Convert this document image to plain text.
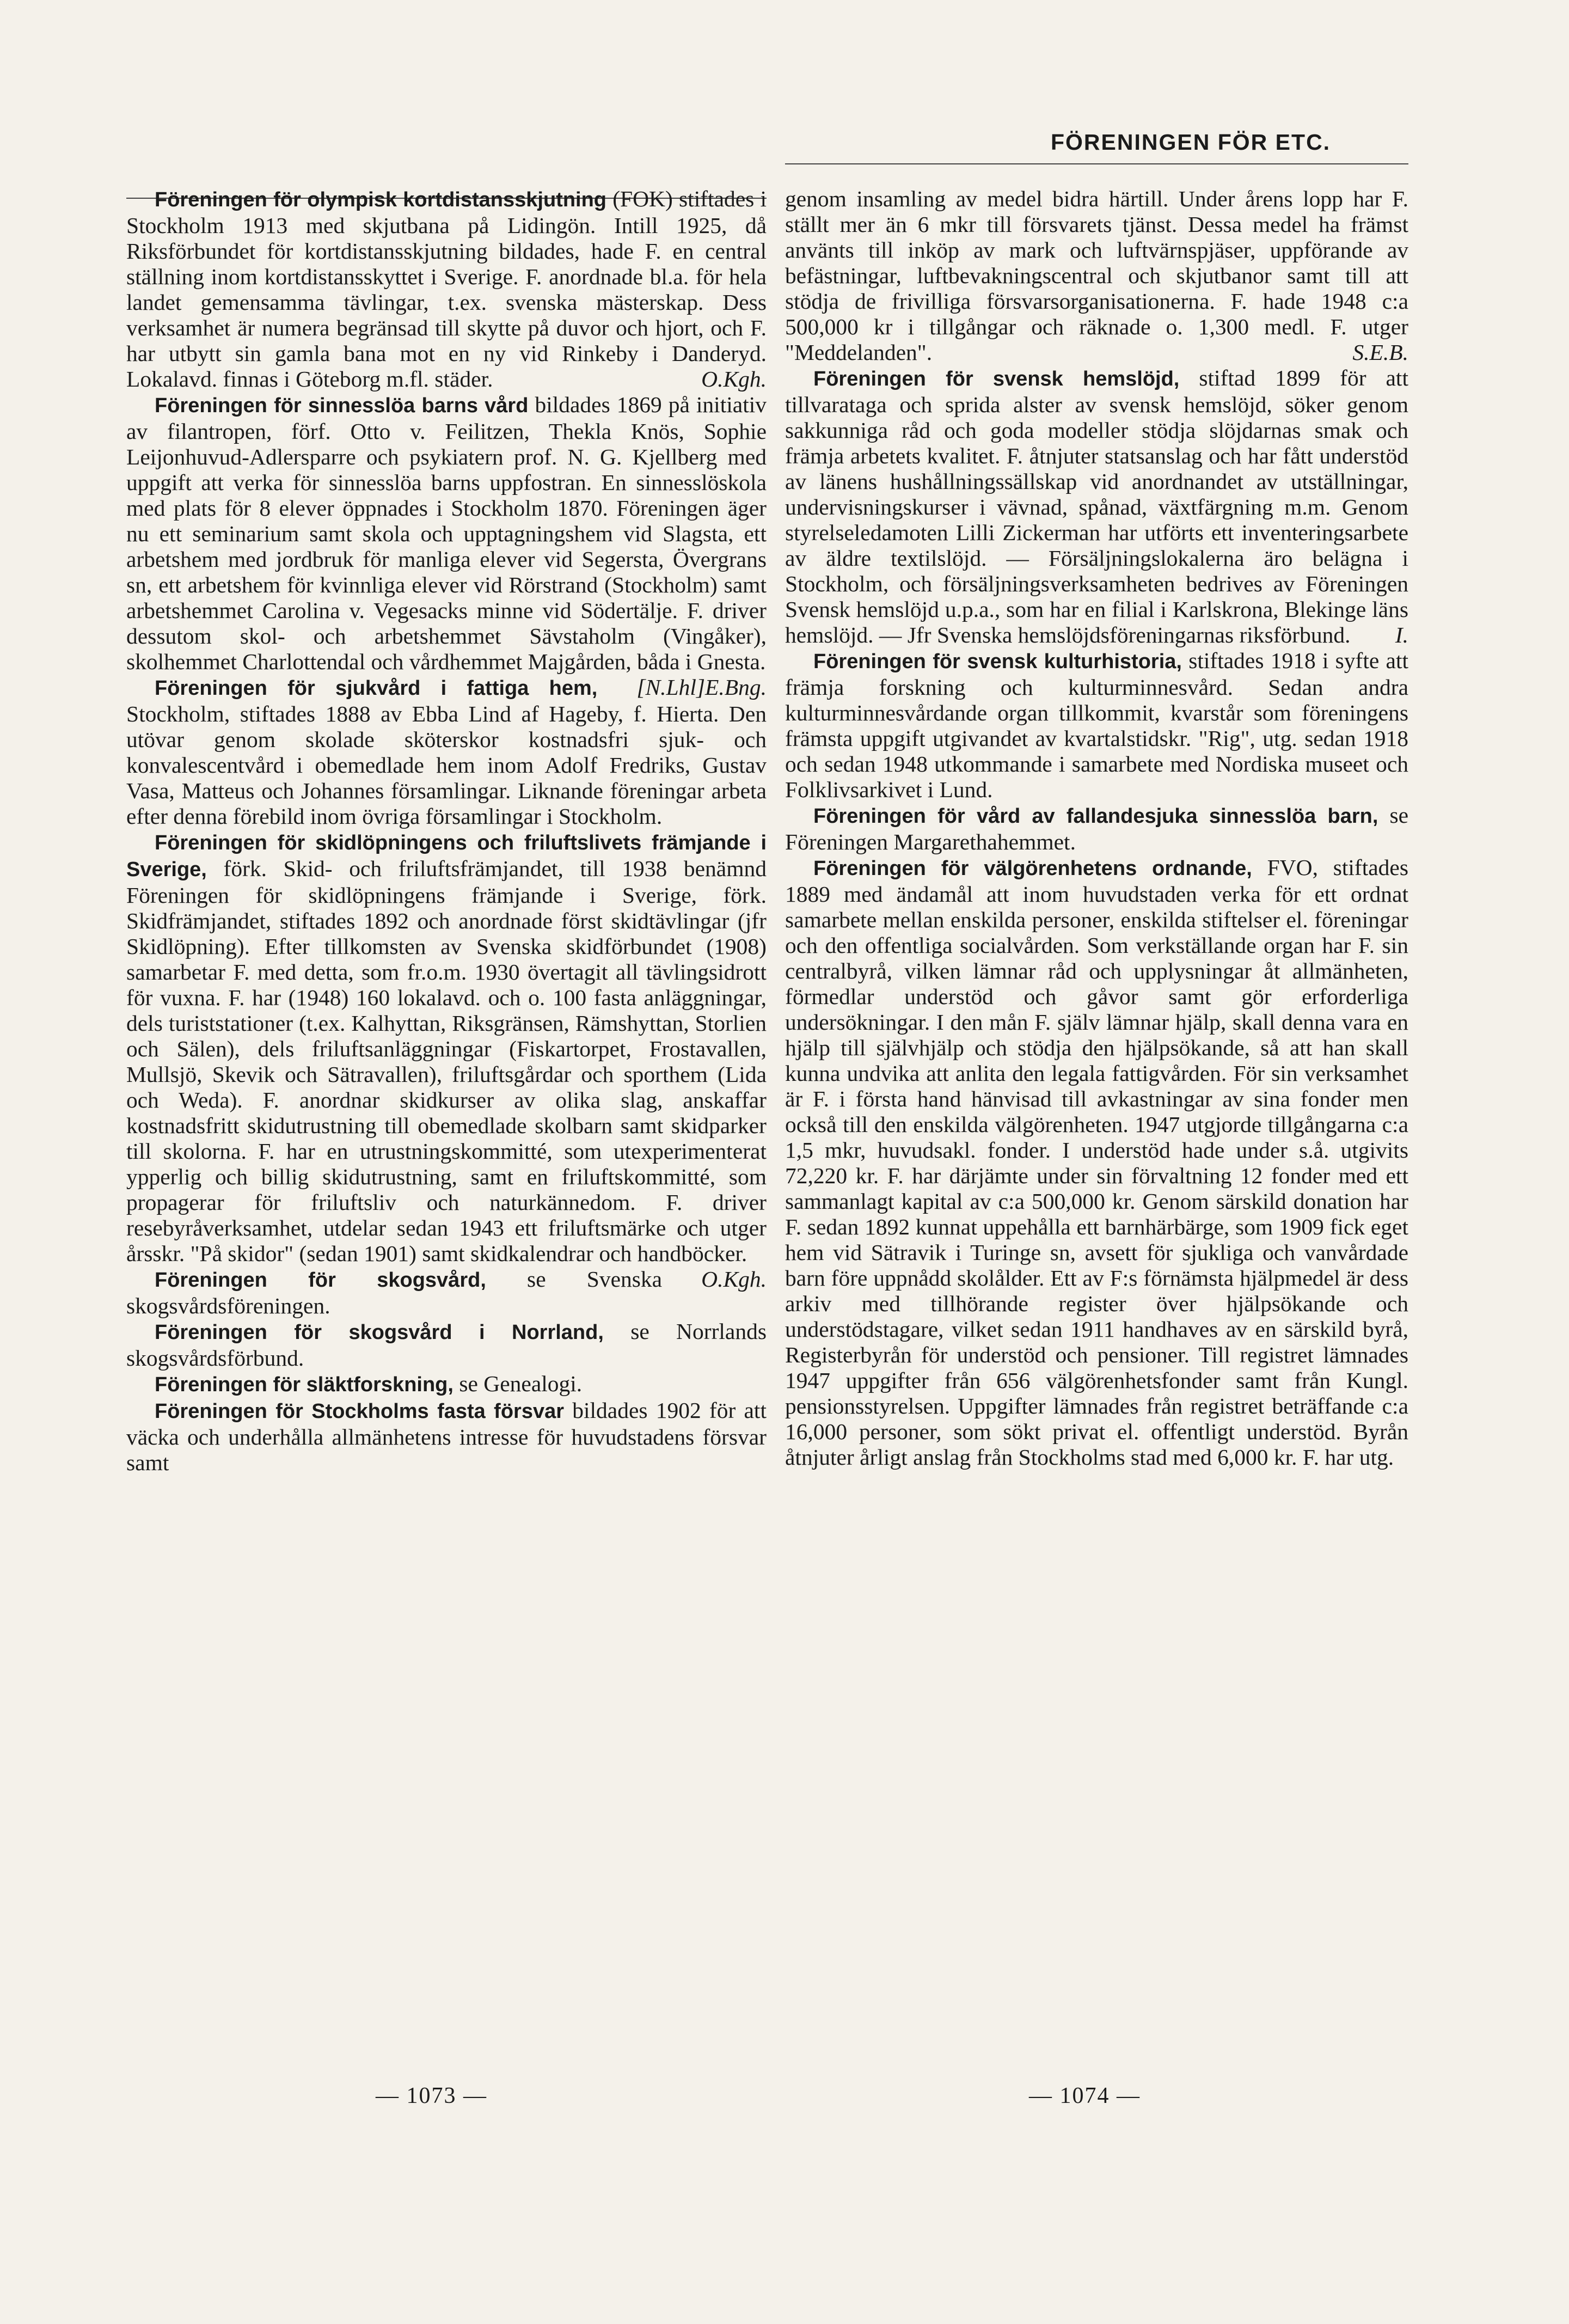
FÖRENINGEN FÖR ETC.

Föreningen för olympisk kortdistansskjutning (FOK) stiftades i Stockholm 1913 med skjutbana på Lidingön. Intill 1925, då Riksförbundet för kortdistansskjutning bildades, hade F. en central ställning inom kortdistansskyttet i Sverige. F. anordnade bl.a. för hela landet gemensamma tävlingar, t.ex. svenska mästerskap. Dess verksamhet är numera begränsad till skytte på duvor och hjort, och F. har utbytt sin gamla bana mot en ny vid Rinkeby i Danderyd. Lokalavd. finnas i Göteborg m.fl. städer.	O.Kgh.

Föreningen för sinnesslöa barns vård bildades 1869 på initiativ av filantropen, förf. Otto v. Feilitzen, Thekla Knös, Sophie Leijonhuvud-Adlersparre och psykiatern prof. N. G. Kjellberg med uppgift att verka för sinnesslöa barns uppfostran. En sinnesslöskola med plats för 8 elever öppnades i Stockholm 1870. Föreningen äger nu ett seminarium samt skola och upptagningshem vid Slagsta, ett arbetshem med jordbruk för manliga elever vid Segersta, Övergrans sn, ett arbetshem för kvinnliga elever vid Rörstrand (Stockholm) samt arbetshemmet Carolina v. Vegesacks minne vid Södertälje. F. driver dessutom skol- och arbetshemmet Sävstaholm (Vingåker), skolhemmet Charlottendal och vårdhemmet Majgården, båda i Gnesta.
[N.Lhl]E.Bng.

Föreningen för sjukvård i fattiga hem, Stockholm, stiftades 1888 av Ebba Lind af Hageby, f. Hierta. Den utövar genom skolade sköterskor kostnadsfri sjuk- och konvalescentvård i obemedlade hem inom Adolf Fredriks, Gustav Vasa, Matteus och Johannes församlingar. Liknande föreningar arbeta efter denna förebild inom övriga församlingar i Stockholm.

Föreningen för skidlöpningens och friluftslivets främjande i Sverige, förk. Skid- och friluftsfrämjandet, till 1938 benämnd Föreningen för skidlöpningens främjande i Sverige, förk. Skidfrämjandet, stiftades 1892 och anordnade först skidtävlingar (jfr Skidlöpning). Efter tillkomsten av Svenska skidförbundet (1908) samarbetar F. med detta, som fr.o.m. 1930 övertagit all tävlingsidrott för vuxna. F. har (1948) 160 lokalavd. och o. 100 fasta anläggningar, dels turiststationer (t.ex. Kalhyttan, Riksgränsen, Rämshyttan, Storlien och Sälen), dels friluftsanläggningar (Fiskartorpet, Frostavallen, Mullsjö, Skevik och Sätravallen), friluftsgårdar och sporthem (Lida och Weda). F. anordnar skidkurser av olika slag, anskaffar kostnadsfritt skidutrustning till obemedlade skolbarn samt skidparker till skolorna. F. har en utrustningskommitté, som utexperimenterat ypperlig och billig skidutrustning, samt en friluftskommitté, som propagerar för friluftsliv och naturkännedom. F. driver resebyråverksamhet, utdelar sedan 1943 ett friluftsmärke och utger årsskr. "På skidor" (sedan 1901) samt skidkalendrar och handböcker.
O.Kgh.

Föreningen för skogsvård, se Svenska skogsvårdsföreningen.

Föreningen för skogsvård i Norrland, se Norrlands skogsvårdsförbund.

Föreningen för släktforskning, se Genealogi.

Föreningen för Stockholms fasta försvar bildades 1902 för att väcka och underhålla allmänhetens intresse för huvudstadens försvar samt

genom insamling av medel bidra härtill. Under årens lopp har F. ställt mer än 6 mkr till försvarets tjänst. Dessa medel ha främst använts till inköp av mark och luftvärnspjäser, uppförande av befästningar, luftbevakningscentral och skjutbanor samt till att stödja de frivilliga försvarsorganisationerna. F. hade 1948 c:a 500,000 kr i tillgångar och räknade o. 1,300 medl. F. utger "Meddelanden".	S.E.B.

Föreningen för svensk hemslöjd, stiftad 1899 för att tillvarataga och sprida alster av svensk hemslöjd, söker genom sakkunniga råd och goda modeller stödja slöjdarnas smak och främja arbetets kvalitet. F. åtnjuter statsanslag och har fått understöd av länens hushållningssällskap vid anordnandet av utställningar, undervisningskurser i vävnad, spånad, växtfärgning m.m. Genom styrelseledamoten Lilli Zickerman har utförts ett inventeringsarbete av äldre textilslöjd. — Försäljningslokalerna äro belägna i Stockholm, och försäljningsverksamheten bedrives av Föreningen Svensk hemslöjd u.p.a., som har en filial i Karlskrona, Blekinge läns hemslöjd. — Jfr Svenska hemslöjdsföreningarnas riksförbund.	I.

Föreningen för svensk kulturhistoria, stiftades 1918 i syfte att främja forskning och kulturminnesvård. Sedan andra kulturminnesvårdande organ tillkommit, kvarstår som föreningens främsta uppgift utgivandet av kvartalstidskr. "Rig", utg. sedan 1918 och sedan 1948 utkommande i samarbete med Nordiska museet och Folklivsarkivet i Lund.

Föreningen för vård av fallandesjuka sinnesslöa barn, se Föreningen Margarethahemmet.

Föreningen för välgörenhetens ordnande, FVO, stiftades 1889 med ändamål att inom huvudstaden verka för ett ordnat samarbete mellan enskilda personer, enskilda stiftelser el. föreningar och den offentliga socialvården. Som verkställande organ har F. sin centralbyrå, vilken lämnar råd och upplysningar åt allmänheten, förmedlar understöd och gåvor samt gör erforderliga undersökningar. I den mån F. själv lämnar hjälp, skall denna vara en hjälp till självhjälp och stödja den hjälpsökande, så att han skall kunna undvika att anlita den legala fattigvården. För sin verksamhet är F. i första hand hänvisad till avkastningar av sina fonder men också till den enskilda välgörenheten. 1947 utgjorde tillgångarna c:a 1,5 mkr, huvudsakl. fonder. I understöd hade under s.å. utgivits 72,220 kr. F. har därjämte under sin förvaltning 12 fonder med ett sammanlagt kapital av c:a 500,000 kr. Genom särskild donation har F. sedan 1892 kunnat uppehålla ett barnhärbärge, som 1909 fick eget hem vid Sätravik i Turinge sn, avsett för sjukliga och vanvårdade barn före uppnådd skolålder. Ett av F:s förnämsta hjälpmedel är dess arkiv med tillhörande register över hjälpsökande och understödstagare, vilket sedan 1911 handhaves av en särskild byrå, Registerbyrån för understöd och pensioner. Till registret lämnades 1947 uppgifter från 656 välgörenhetsfonder samt från Kungl. pensionsstyrelsen. Uppgifter lämnades från registret beträffande c:a 16,000 personer, som sökt privat el. offentligt understöd. Byrån åtnjuter årligt anslag från Stockholms stad med 6,000 kr. F. har utg.

— 1073 —	— 1074 —
